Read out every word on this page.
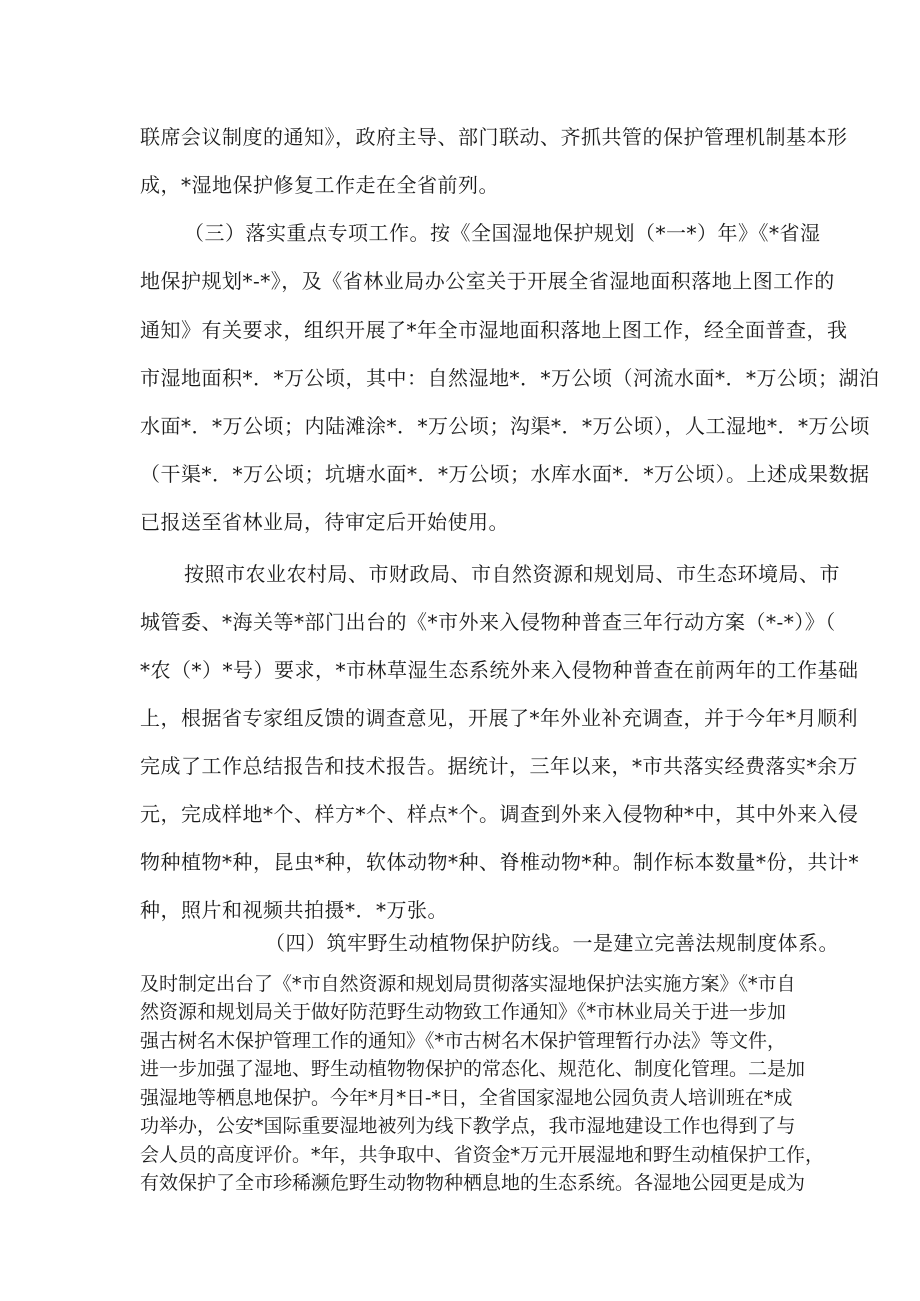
联席会议制度的通知》，政府主导、部门联动、齐抓共管的保护管理机制基本形
成，*湿地保护修复工作走在全省前列。
（三）落实重点专项工作。按《全国湿地保护规划（*一*）年》《*省湿
地保护规划*-*》，及《省林业局办公室关于开展全省湿地面积落地上图工作的
通知》有关要求，组织开展了*年全市湿地面积落地上图工作，经全面普查，我
市湿地面积*．*万公顷，其中：自然湿地*．*万公顷（河流水面*．*万公顷；湖泊
水面*．*万公顷；内陆滩涂*．*万公顷；沟渠*．*万公顷），人工湿地*．*万公顷
（干渠*．*万公顷；坑塘水面*．*万公顷；水库水面*．*万公顷）。上述成果数据
已报送至省林业局，待审定后开始使用。
按照市农业农村局、市财政局、市自然资源和规划局、市生态环境局、市
城管委、*海关等*部门出台的《*市外来入侵物种普查三年行动方案（*-*）》（
*农（*）*号）要求，*市林草湿生态系统外来入侵物种普查在前两年的工作基础
上，根据省专家组反馈的调查意见，开展了*年外业补充调查，并于今年*月顺利
完成了工作总结报告和技术报告。据统计，三年以来，*市共落实经费落实*余万
元，完成样地*个、样方*个、样点*个。调查到外来入侵物种*中，其中外来入侵
物种植物*种，昆虫*种，软体动物*种、脊椎动物*种。制作标本数量*份，共计*
种，照片和视频共拍摄*．*万张。
（四）筑牢野生动植物保护防线。一是建立完善法规制度体系。
及时制定出台了《*市自然资源和规划局贯彻落实湿地保护法实施方案》《*市自
然资源和规划局关于做好防范野生动物致工作通知》《*市林业局关于进一步加
强古树名木保护管理工作的通知》《*市古树名木保护管理暂行办法》等文件，
进一步加强了湿地、野生动植物物保护的常态化、规范化、制度化管理。二是加
强湿地等栖息地保护。今年*月*日-*日，全省国家湿地公园负责人培训班在*成
功举办，公安*国际重要湿地被列为线下教学点，我市湿地建设工作也得到了与
会人员的高度评价。*年，共争取中、省资金*万元开展湿地和野生动植保护工作，
有效保护了全市珍稀濒危野生动物物种栖息地的生态系统。各湿地公园更是成为
